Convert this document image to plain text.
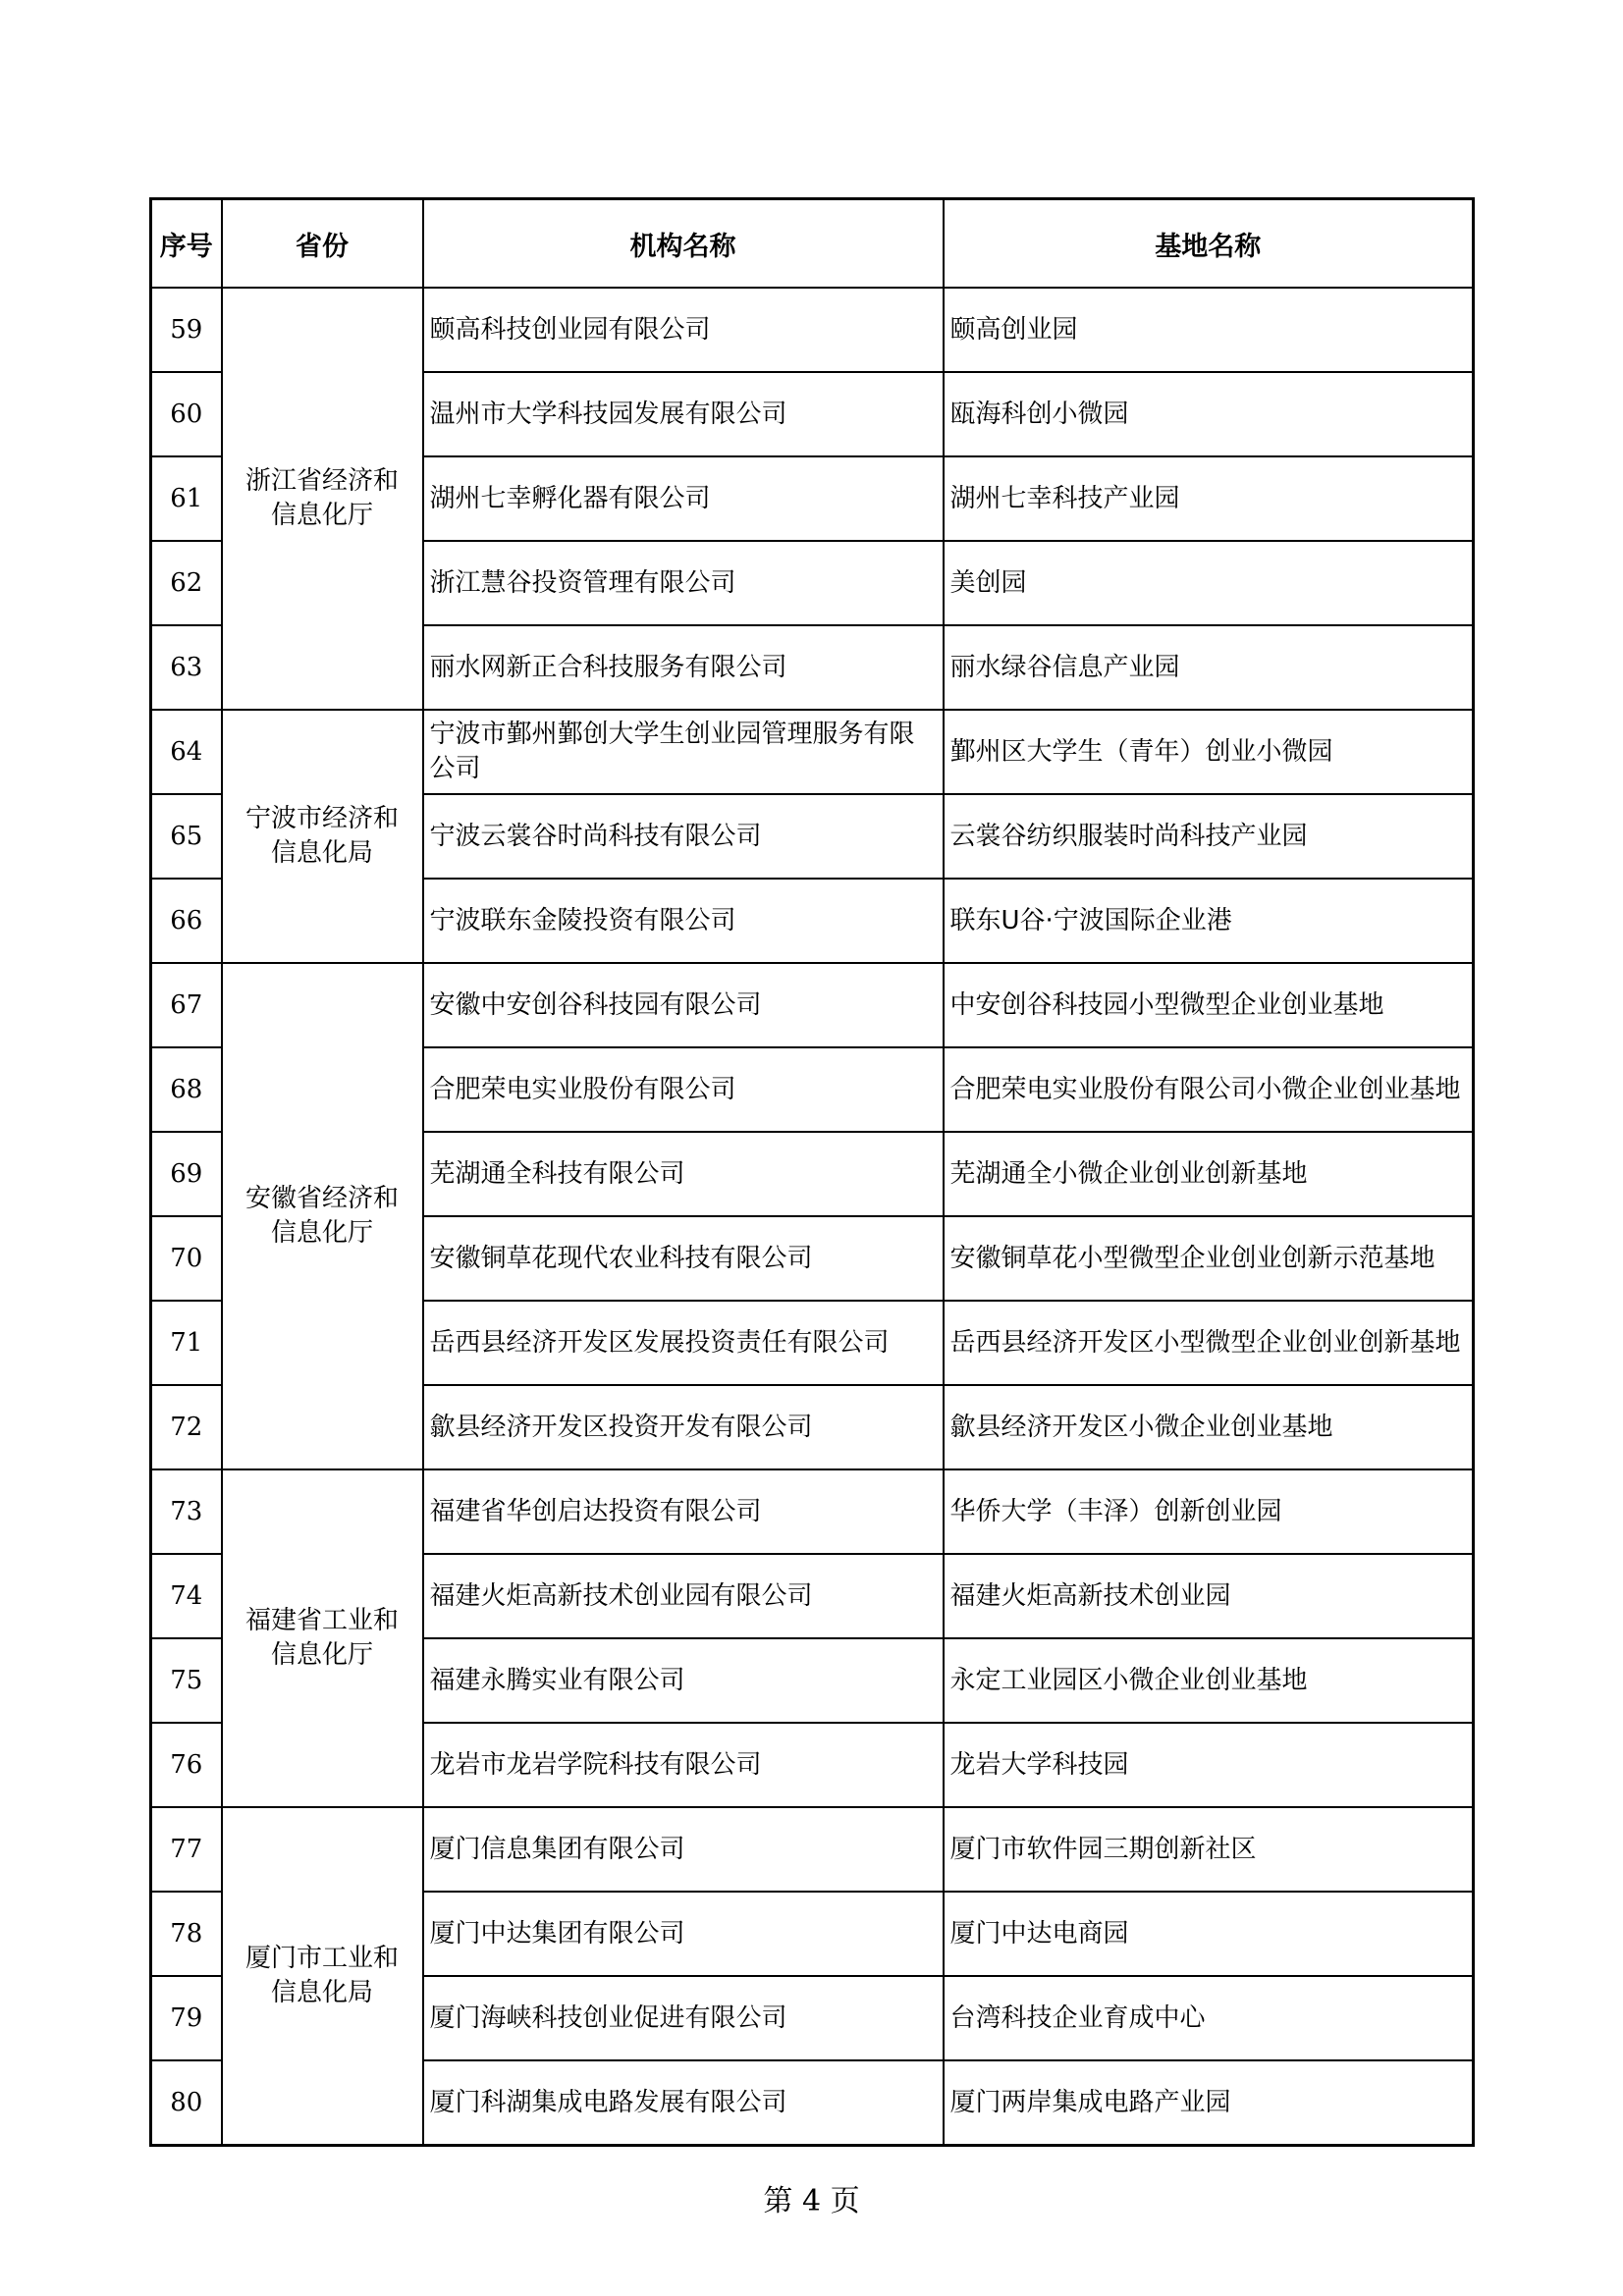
序号	省份	机构名称	基地名称
59	浙江省经济和信息化厅	颐高科技创业园有限公司	颐高创业园
60		温州市大学科技园发展有限公司	瓯海科创小微园
61		湖州七幸孵化器有限公司	湖州七幸科技产业园
62		浙江慧谷投资管理有限公司	美创园
63		丽水网新正合科技服务有限公司	丽水绿谷信息产业园
64	宁波市经济和信息化局	宁波市鄞州鄞创大学生创业园管理服务有限公司	鄞州区大学生（青年）创业小微园
65		宁波云裳谷时尚科技有限公司	云裳谷纺织服装时尚科技产业园
66		宁波联东金陵投资有限公司	联东U谷·宁波国际企业港
67	安徽省经济和信息化厅	安徽中安创谷科技园有限公司	中安创谷科技园小型微型企业创业基地
68		合肥荣电实业股份有限公司	合肥荣电实业股份有限公司小微企业创业基地
69		芜湖通全科技有限公司	芜湖通全小微企业创业创新基地
70		安徽铜草花现代农业科技有限公司	安徽铜草花小型微型企业创业创新示范基地
71		岳西县经济开发区发展投资责任有限公司	岳西县经济开发区小型微型企业创业创新基地
72		歙县经济开发区投资开发有限公司	歙县经济开发区小微企业创业基地
73	福建省工业和信息化厅	福建省华创启达投资有限公司	华侨大学（丰泽）创新创业园
74		福建火炬高新技术创业园有限公司	福建火炬高新技术创业园
75		福建永腾实业有限公司	永定工业园区小微企业创业基地
76		龙岩市龙岩学院科技有限公司	龙岩大学科技园
77	厦门市工业和信息化局	厦门信息集团有限公司	厦门市软件园三期创新社区
78		厦门中达集团有限公司	厦门中达电商园
79		厦门海峡科技创业促进有限公司	台湾科技企业育成中心
80		厦门科湖集成电路发展有限公司	厦门两岸集成电路产业园
第 4 页
